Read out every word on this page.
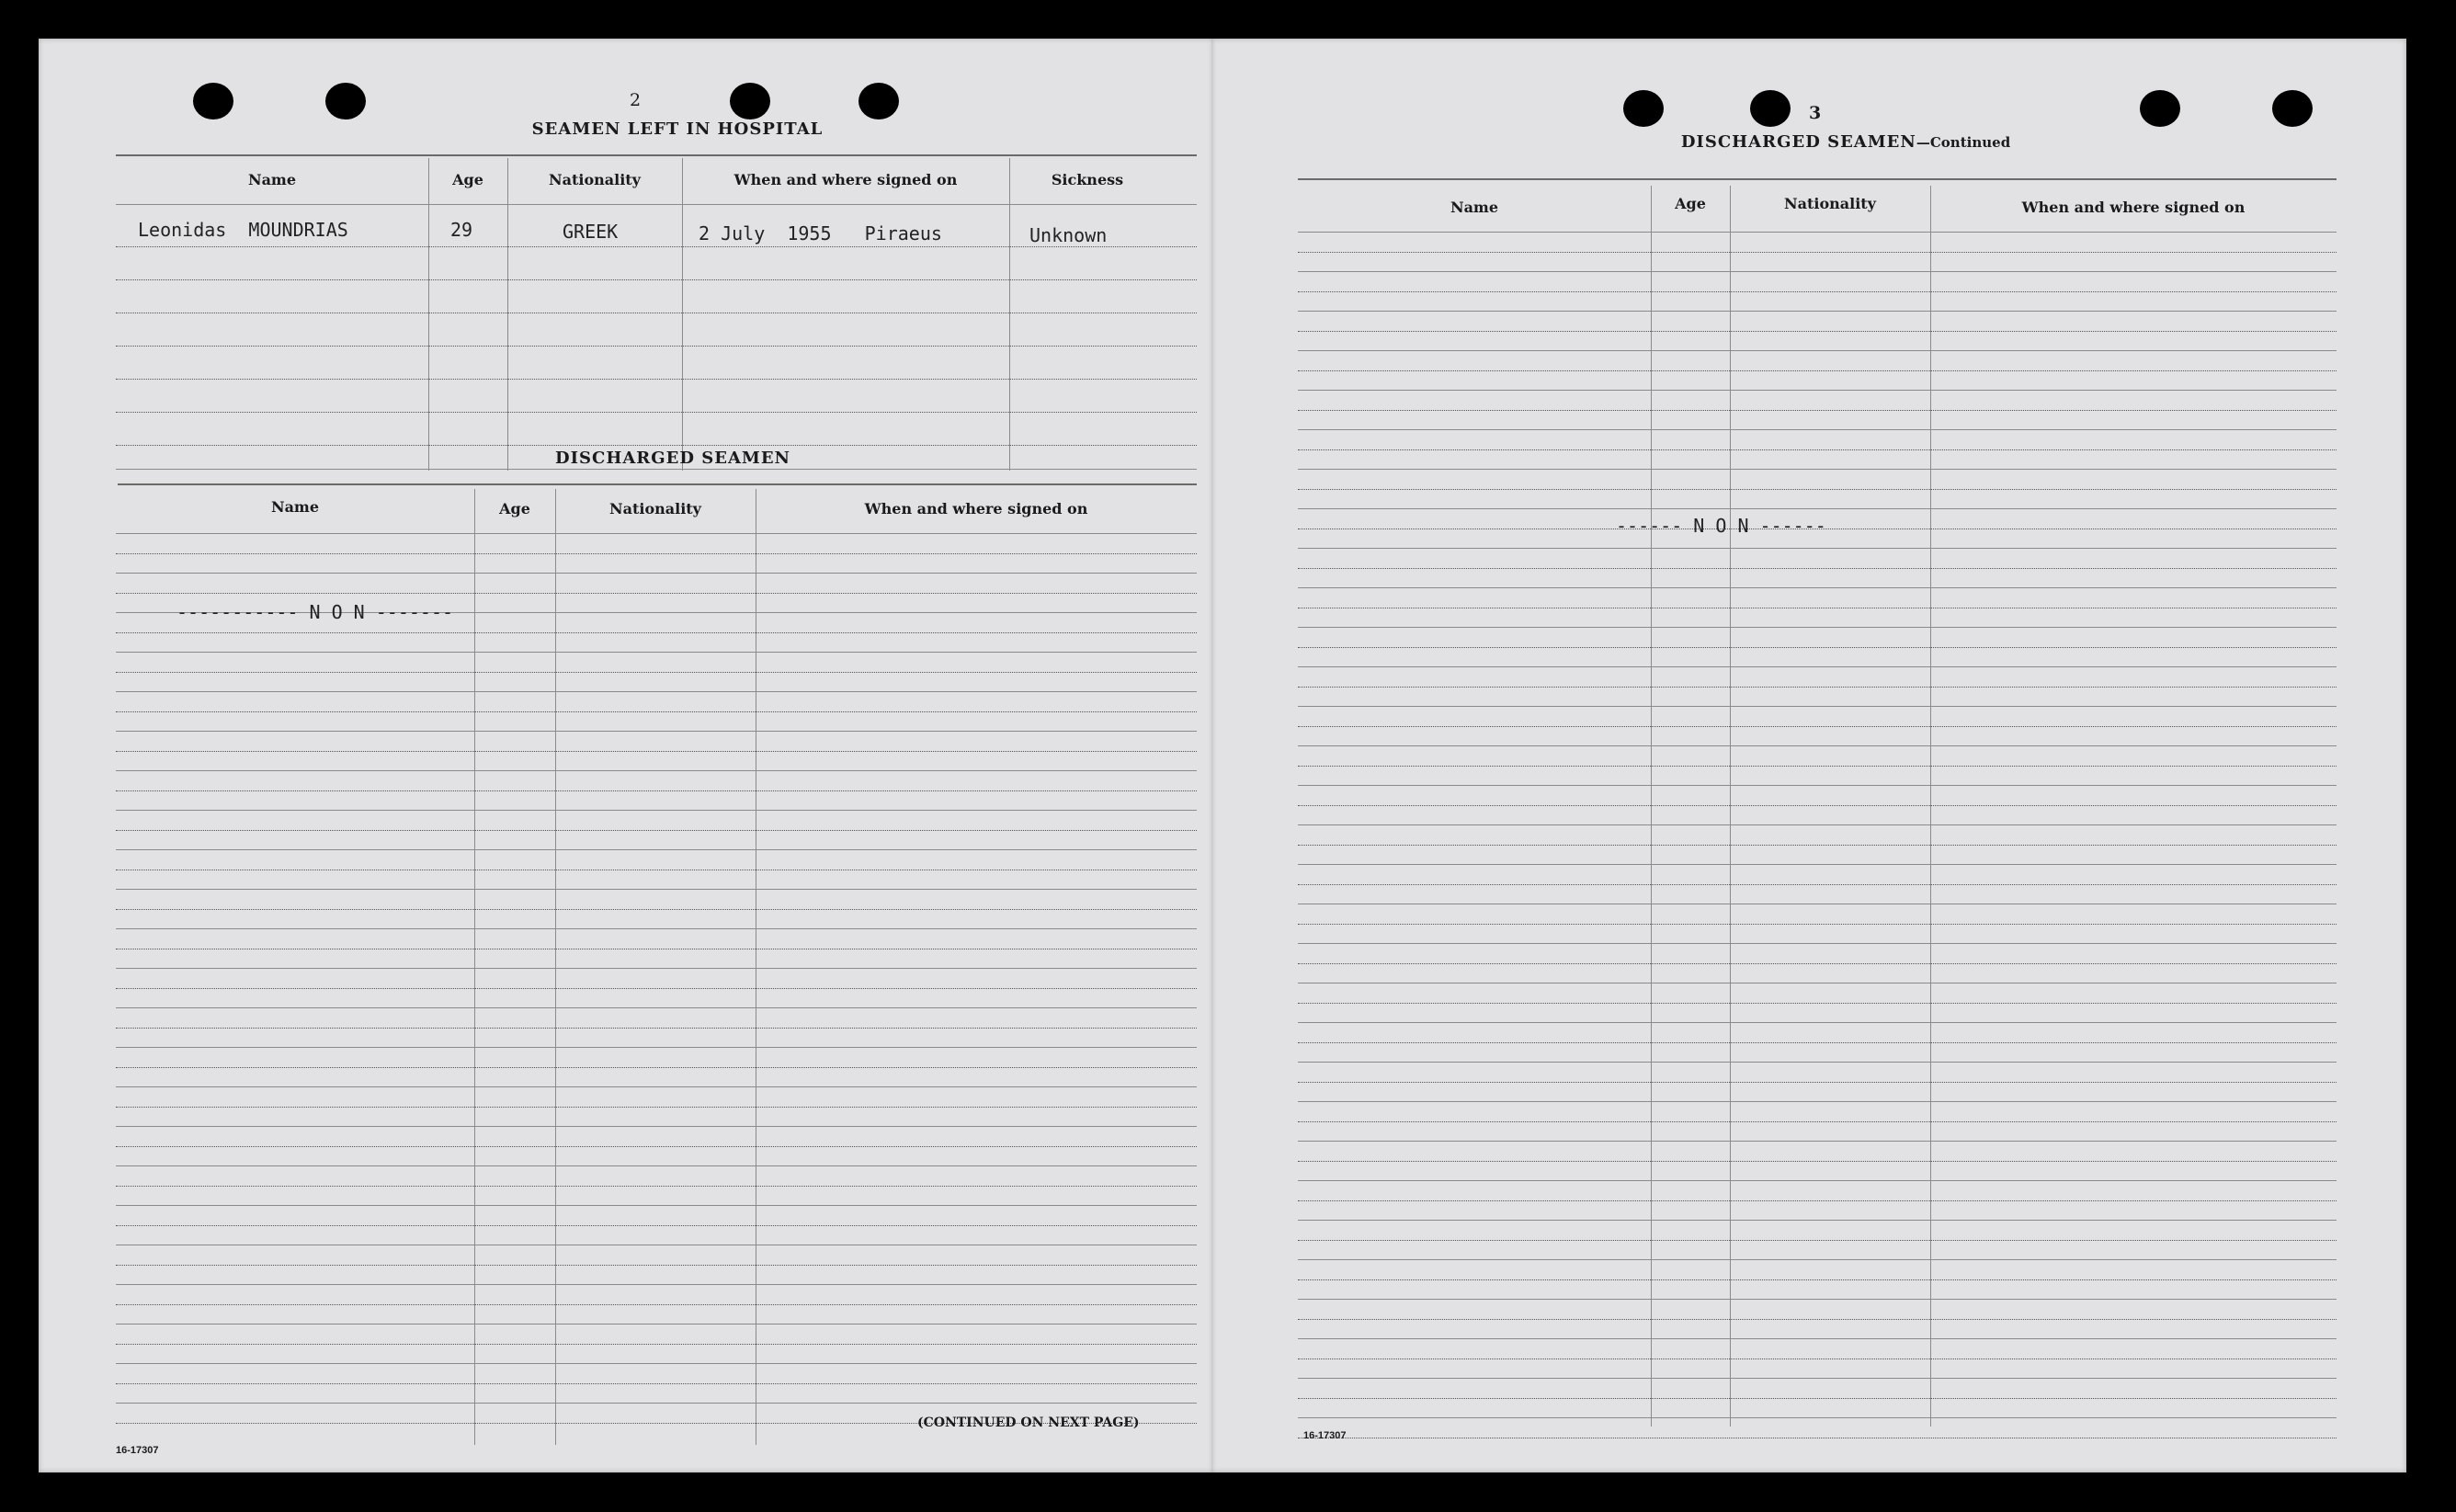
2
SEAMEN LEFT IN HOSPITAL
Name	Age	Nationality	When and where signed on	Sickness
Leonidas  MOUNDRIAS	29	GREEK	2 July  1955   Piraeus	Unknown
DISCHARGED SEAMEN
Name	Age	Nationality	When and where signed on
----------- N O N -------
16-17307
(CONTINUED ON NEXT PAGE)
3
DISCHARGED SEAMEN—Continued
Name	Age	Nationality	When and where signed on
------ N O N ------
16-17307
